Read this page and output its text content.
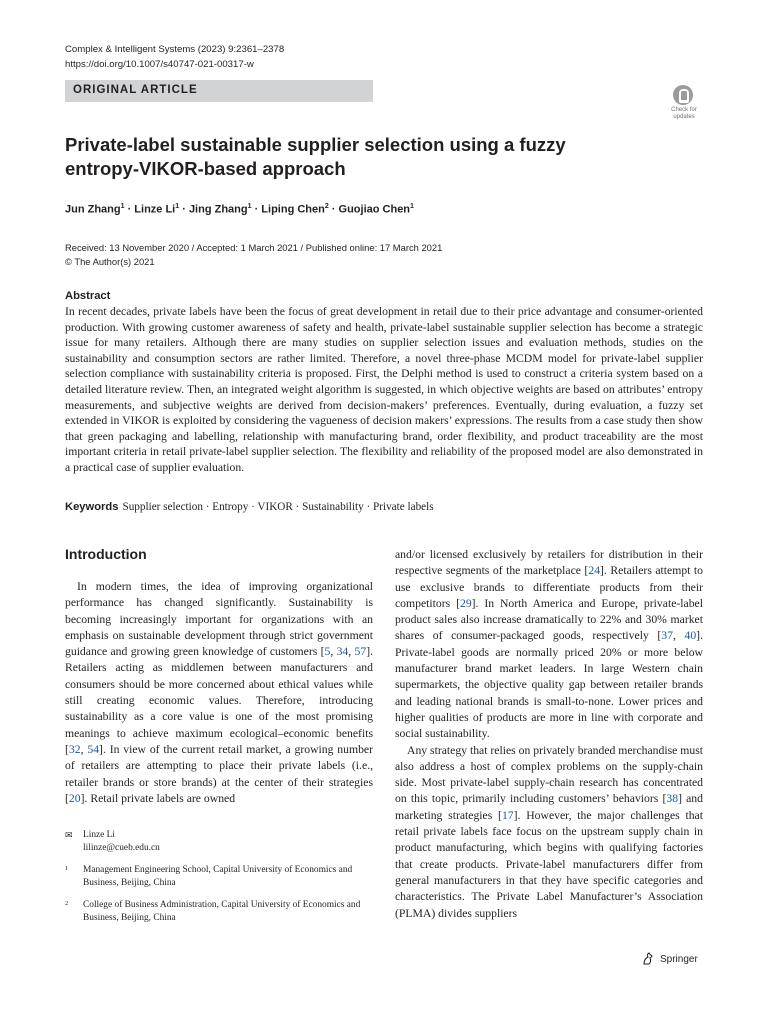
Complex & Intelligent Systems (2023) 9:2361–2378
https://doi.org/10.1007/s40747-021-00317-w
ORIGINAL ARTICLE
Check for
updates
Private-label sustainable supplier selection using a fuzzy entropy-VIKOR-based approach
Jun Zhang$^1$ · Linze $Li^1$ · Jing Zhang$^1$ · Liping Chen$^2$ · Guojiao Chen$^1$
Received: 13 November 2020 / Accepted: 1 March 2021 / Published online: 17 March 2021
© The Author(s) 2021
Abstract
In recent decades, private labels have been the focus of great development in retail due to their price advantage and consumer-oriented production. With growing customer awareness of safety and health, private-label sustainable supplier selection has become a strategic issue for many retailers. Although there are many studies on supplier selection issues and evaluation methods, studies on the sustainability and consumption sectors are rather limited. Therefore, a novel three-phase MCDM model for private-label supplier selection compliance with sustainability criteria is proposed. First, the Delphi method is used to construct a criteria system based on a detailed literature review. Then, an integrated weight algorithm is suggested, in which objective weights are based on attributes’ entropy measurements, and subjective weights are derived from decision-makers’ preferences. Eventually, during evaluation, a fuzzy set extended in VIKOR is exploited by considering the vagueness of decision makers’ expressions. The results from a case study then show that green packaging and labelling, relationship with manufacturing brand, order flexibility, and product traceability are the most important criteria in retail private-label supplier selection. The flexibility and reliability of the proposed model are also demonstrated in a practical case of supplier evaluation.
Keywords Supplier selection · Entropy · VIKOR · Sustainability · Private labels
Introduction
In modern times, the idea of improving organizational performance has changed significantly. Sustainability is becoming increasingly important for organizations with an emphasis on sustainable development through strict government guidance and growing green knowledge of customers [5, 34, 57]. Retailers acting as middlemen between manufacturers and consumers should be more concerned about ethical values while still creating economic values. Therefore, introducing sustainability as a core value is one of the most promising meanings to achieve maximum ecological–economic benefits [32, 54]. In view of the current retail market, a growing number of retailers are attempting to place their private labels (i.e., retailer brands or store brands) at the center of their strategies [20]. Retail private labels are owned
and/or licensed exclusively by retailers for distribution in their respective segments of the marketplace [24]. Retailers attempt to use exclusive brands to differentiate products from their competitors [29]. In North America and Europe, private-label product sales also increase dramatically to 22% and 30% market shares of consumer-packaged goods, respectively [37, 40]. Private-label goods are normally priced 20% or more below manufacturer brand market leaders. In large Western chain supermarkets, the objective quality gap between retailer brands and leading national brands is small-to-none. Lower prices and higher qualities of products are more in line with corporate and social sustainability.
Any strategy that relies on privately branded merchandise must also address a host of complex problems on the supply-chain side. Most private-label supply-chain research has concentrated on this topic, primarily including customers’ behaviors [38] and marketing strategies [17]. However, the major challenges that retail private labels face focus on the upstream supply chain in product manufacturing, which begins with qualifying factories that create products. Private-label manufacturers differ from general manufacturers in that they have specific categories and characteristics. The Private Label Manufacturer’s Association (PLMA) divides suppliers
✉	Linze Li
lilinze@cueb.edu.cn
1	Management Engineering School, Capital University of Economics and Business, Beijing, China
2	College of Business Administration, Capital University of Economics and Business, Beijing, China
Springer
